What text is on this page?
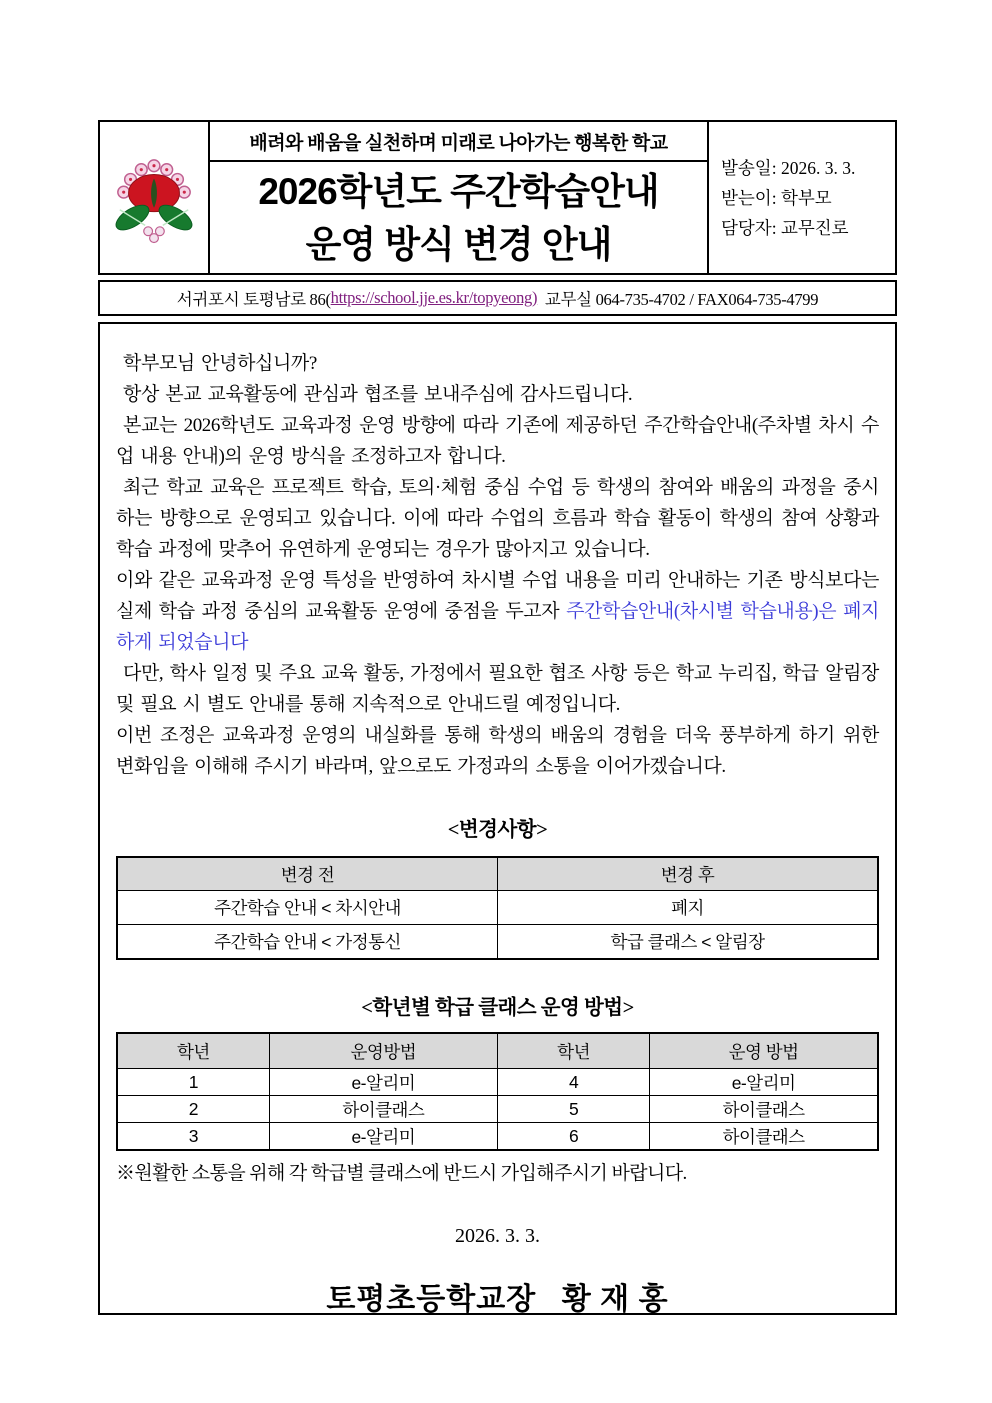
배려와 배움을 실천하며 미래로 나아가는 행복한 학교
2026학년도 주간학습안내
운영 방식 변경 안내
발송일: 2026. 3. 3.
받는이: 학부모
담당자: 교무진로
서귀포시 토평남로 86( https://school.jje.es.kr/topyeong) 교무실 064-735-4702 / FAX064-735-4799

학부모님 안녕하십니까?

항상 본교 교육활동에 관심과 협조를 보내주심에 감사드립니다.

본교는 2026학년도 교육과정 운영 방향에 따라 기존에 제공하던 주간학습안내(주차별 차시 수업 내용 안내)의 운영 방식을 조정하고자 합니다.

최근 학교 교육은 프로젝트 학습, 토의·체험 중심 수업 등 학생의 참여와 배움의 과정을 중시하는 방향으로 운영되고 있습니다. 이에 따라 수업의 흐름과 학습 활동이 학생의 참여 상황과 학습 과정에 맞추어 유연하게 운영되는 경우가 많아지고 있습니다.

이와 같은 교육과정 운영 특성을 반영하여 차시별 수업 내용을 미리 안내하는 기존 방식보다는 실제 학습 과정 중심의 교육활동 운영에 중점을 두고자 주간학습안내(차시별 학습내용)은 폐지하게 되었습니다

다만, 학사 일정 및 주요 교육 활동, 가정에서 필요한 협조 사항 등은 학교 누리집, 학급 알림장 및 필요 시 별도 안내를 통해 지속적으로 안내드릴 예정입니다.

이번 조정은 교육과정 운영의 내실화를 통해 학생의 배움의 경험을 더욱 풍부하게 하기 위한 변화임을 이해해 주시기 바라며, 앞으로도 가정과의 소통을 이어가겠습니다.

<변경사항>
변경 전	변경 후
주간학습 안내 < 차시안내	폐지
주간학습 안내 < 가정통신	학급 클래스 < 알림장
<학년별 학급 클래스 운영 방법>
학년	운영방법	학년	운영 방법
1	e-알리미	4	e-알리미
2	하이클래스	5	하이클래스
3	e-알리미	6	하이클래스

※원활한 소통을 위해 각 학급별 클래스에 반드시 가입해주시기 바랍니다.

2026. 3. 3.
토평초등학교장   황 재 홍
